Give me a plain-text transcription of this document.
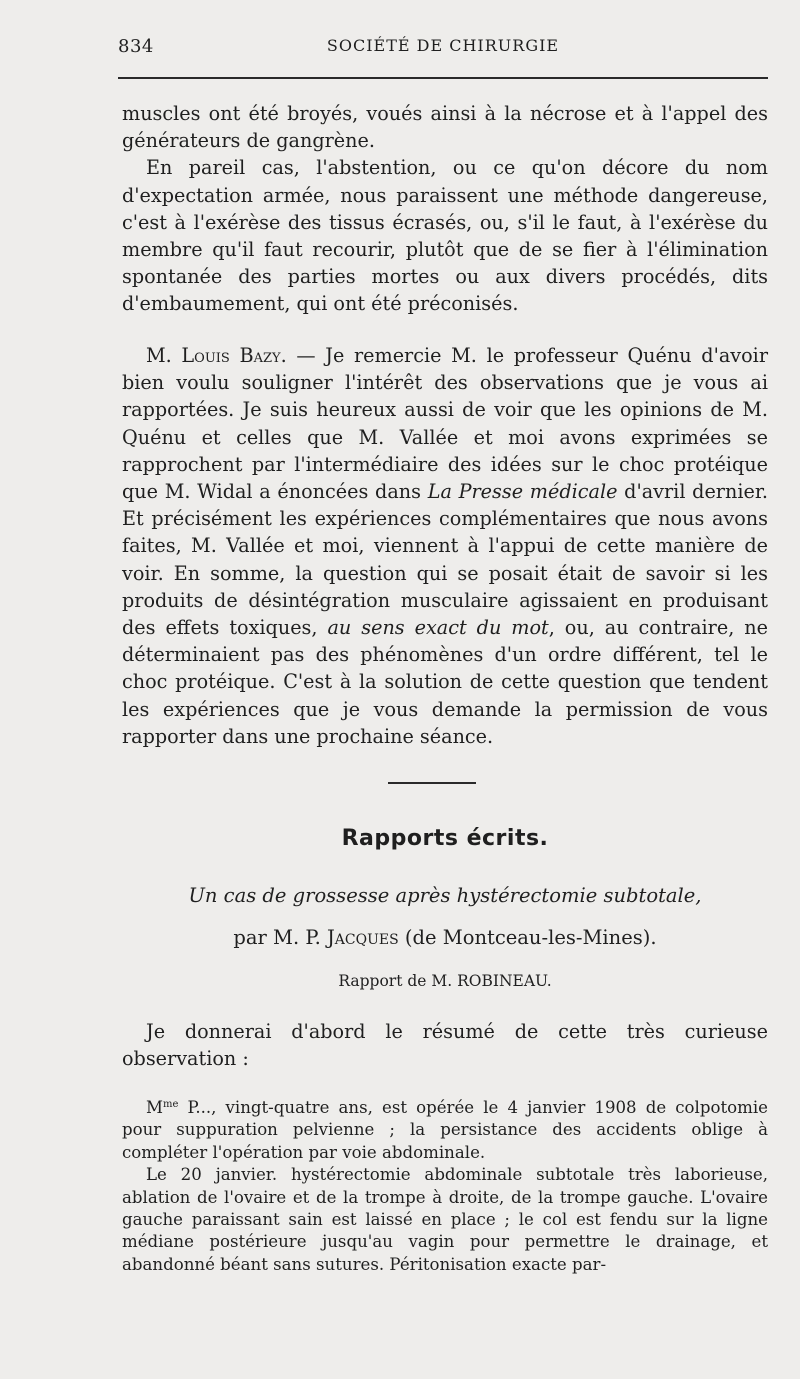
834	SOCIÉTÉ DE CHIRURGIE

muscles ont été broyés, voués ainsi à la nécrose et à l'appel des générateurs de gangrène.

En pareil cas, l'abstention, ou ce qu'on décore du nom d'expectation armée, nous paraissent une méthode dangereuse, c'est à l'exérèse des tissus écrasés, ou, s'il le faut, à l'exérèse du membre qu'il faut recourir, plutôt que de se fier à l'élimination spontanée des parties mortes ou aux divers procédés, dits d'embaumement, qui ont été préconisés.

M. Louis Bazy. — Je remercie M. le professeur Quénu d'avoir bien voulu souligner l'intérêt des observations que je vous ai rapportées. Je suis heureux aussi de voir que les opinions de M. Quénu et celles que M. Vallée et moi avons exprimées se rapprochent par l'intermédiaire des idées sur le choc protéique que M. Widal a énoncées dans La Presse médicale d'avril dernier. Et précisément les expériences complémentaires que nous avons faites, M. Vallée et moi, viennent à l'appui de cette manière de voir. En somme, la question qui se posait était de savoir si les produits de désintégration musculaire agissaient en produisant des effets toxiques, au sens exact du mot, ou, au contraire, ne déterminaient pas des phénomènes d'un ordre différent, tel le choc protéique. C'est à la solution de cette question que tendent les expériences que je vous demande la permission de vous rapporter dans une prochaine séance.

Rapports écrits.
Un cas de grossesse après hystérectomie subtotale,
par M. P. Jacques (de Montceau-les-Mines).
Rapport de M. ROBINEAU.

Je donnerai d'abord le résumé de cette très curieuse observation :

$M^{me}$ P..., vingt-quatre ans, est opérée le 4 janvier 1908 de colpotomie pour suppuration pelvienne ; la persistance des accidents oblige à compléter l'opération par voie abdominale.

Le 20 janvier. hystérectomie abdominale subtotale très laborieuse, ablation de l'ovaire et de la trompe à droite, de la trompe gauche. L'ovaire gauche paraissant sain est laissé en place ; le col est fendu sur la ligne médiane postérieure jusqu'au vagin pour permettre le drainage, et abandonné béant sans sutures. Péritonisation exacte par-
